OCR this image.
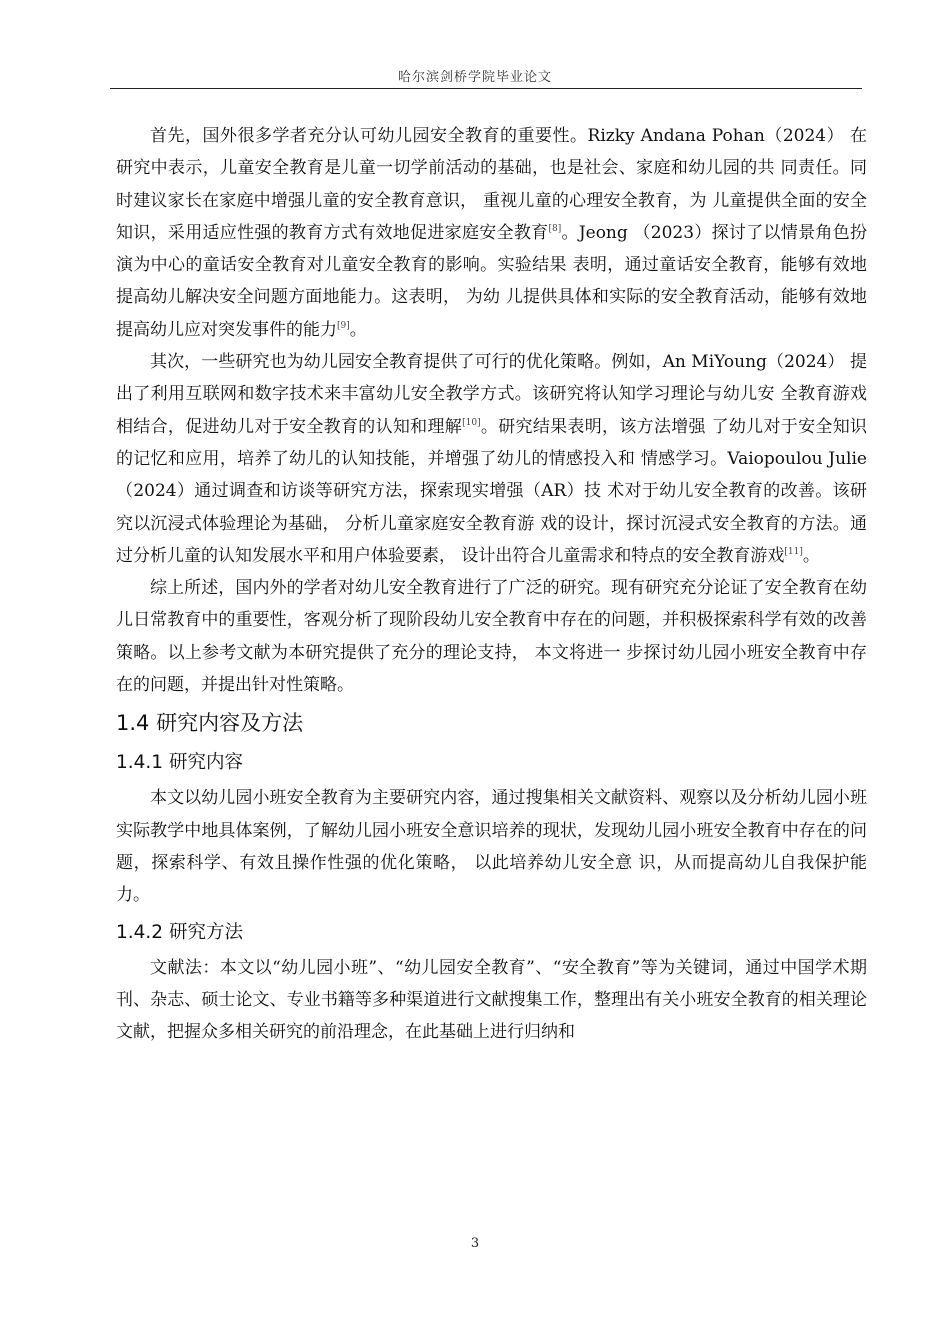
哈尔滨剑桥学院毕业论文

首先，国外很多学者充分认可幼儿园安全教育的重要性。Rizky Andana Pohan（2024） 在研究中表示，儿童安全教育是儿童一切学前活动的基础，也是社会、家庭和幼儿园的共 同责任。同时建议家长在家庭中增强儿童的安全教育意识， 重视儿童的心理安全教育，为 儿童提供全面的安全知识，采用适应性强的教育方式有效地促进家庭安全教育[8]。Jeong （2023）探讨了以情景角色扮演为中心的童话安全教育对儿童安全教育的影响。实验结果 表明，通过童话安全教育，能够有效地提高幼儿解决安全问题方面地能力。这表明， 为幼 儿提供具体和实际的安全教育活动，能够有效地提高幼儿应对突发事件的能力[9]。

其次，一些研究也为幼儿园安全教育提供了可行的优化策略。例如，An MiYoung（2024） 提出了利用互联网和数字技术来丰富幼儿安全教学方式。该研究将认知学习理论与幼儿安 全教育游戏相结合，促进幼儿对于安全教育的认知和理解[10]。研究结果表明，该方法增强 了幼儿对于安全知识的记忆和应用，培养了幼儿的认知技能，并增强了幼儿的情感投入和 情感学习。Vaiopoulou Julie（2024）通过调查和访谈等研究方法，探索现实增强（AR）技 术对于幼儿安全教育的改善。该研究以沉浸式体验理论为基础， 分析儿童家庭安全教育游 戏的设计，探讨沉浸式安全教育的方法。通过分析儿童的认知发展水平和用户体验要素， 设计出符合儿童需求和特点的安全教育游戏[11]。

综上所述，国内外的学者对幼儿安全教育进行了广泛的研究。现有研究充分论证了安全教育在幼儿日常教育中的重要性，客观分析了现阶段幼儿安全教育中存在的问题，并积极探索科学有效的改善策略。以上参考文献为本研究提供了充分的理论支持， 本文将进一 步探讨幼儿园小班安全教育中存在的问题，并提出针对性策略。

1.4 研究内容及方法
1.4.1 研究内容

本文以幼儿园小班安全教育为主要研究内容，通过搜集相关文献资料、观察以及分析幼儿园小班实际教学中地具体案例，了解幼儿园小班安全意识培养的现状，发现幼儿园小班安全教育中存在的问题，探索科学、有效且操作性强的优化策略， 以此培养幼儿安全意 识，从而提高幼儿自我保护能力。

1.4.2 研究方法

文献法：本文以“幼儿园小班”、“幼儿园安全教育”、“安全教育”等为关键词，通过中国学术期刊、杂志、硕士论文、专业书籍等多种渠道进行文献搜集工作，整理出有关小班安全教育的相关理论文献，把握众多相关研究的前沿理念，在此基础上进行归纳和

3
